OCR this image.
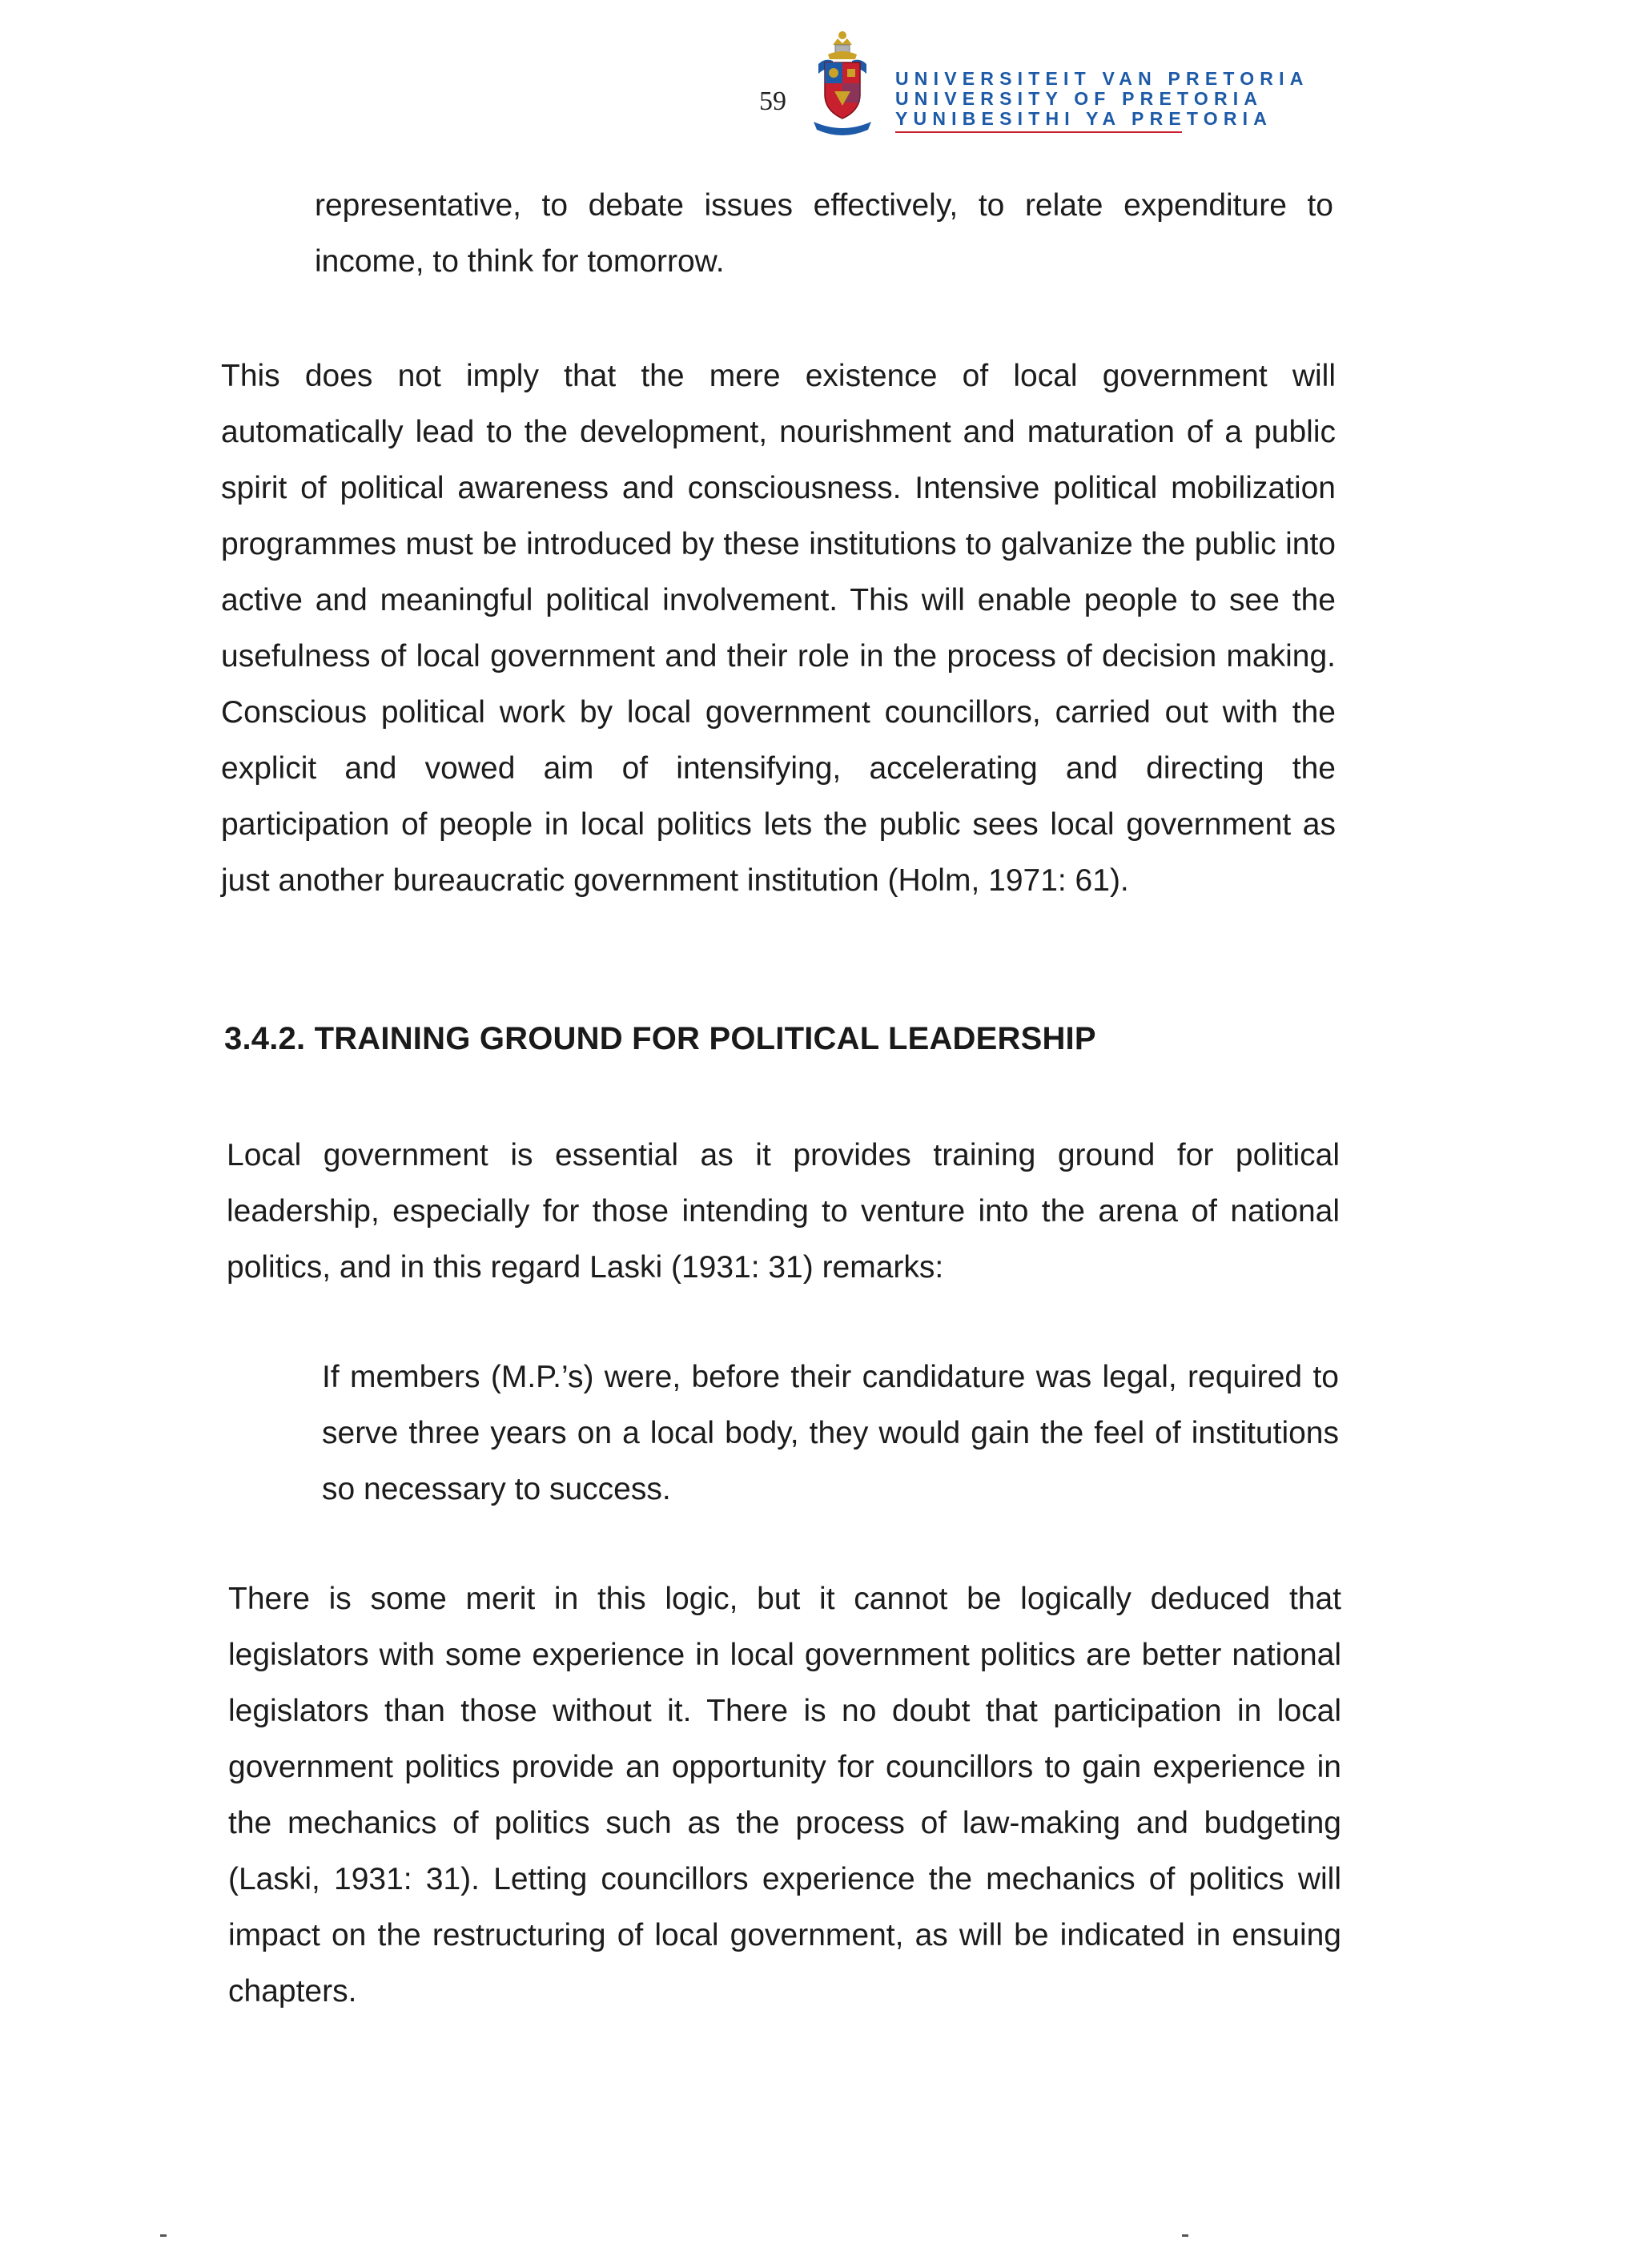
59
UNIVERSITEIT VAN PRETORIA
UNIVERSITY OF PRETORIA
YUNIBESITHI YA PRETORIA

representative, to debate issues effectively, to relate expenditure to income, to think for tomorrow.

This does not imply that the mere existence of local government will automatically lead to the development, nourishment and maturation of a public spirit of political awareness and consciousness. Intensive political mobilization programmes must be introduced by these institutions to galvanize the public into active and meaningful political involvement. This will enable people to see the usefulness of local government and their role in the process of decision making. Conscious political work by local government councillors, carried out with the explicit and vowed aim of intensifying, accelerating and directing the participation of people in local politics lets the public sees local government as just another bureaucratic government institution (Holm, 1971: 61).

3.4.2. TRAINING GROUND FOR POLITICAL LEADERSHIP

Local government is essential as it provides training ground for political leadership, especially for those intending to venture into the arena of national politics, and in this regard Laski (1931: 31) remarks:

If members (M.P.’s) were, before their candidature was legal, required to serve three years on a local body, they would gain the feel of institutions so necessary to success.

There is some merit in this logic, but it cannot be logically deduced that legislators with some experience in local government politics are better national legislators than those without it. There is no doubt that participation in local government politics provide an opportunity for councillors to gain experience in the mechanics of politics such as the process of law-making and budgeting (Laski, 1931: 31). Letting councillors experience the mechanics of politics will impact on the restructuring of local government, as will be indicated in ensuing chapters.
